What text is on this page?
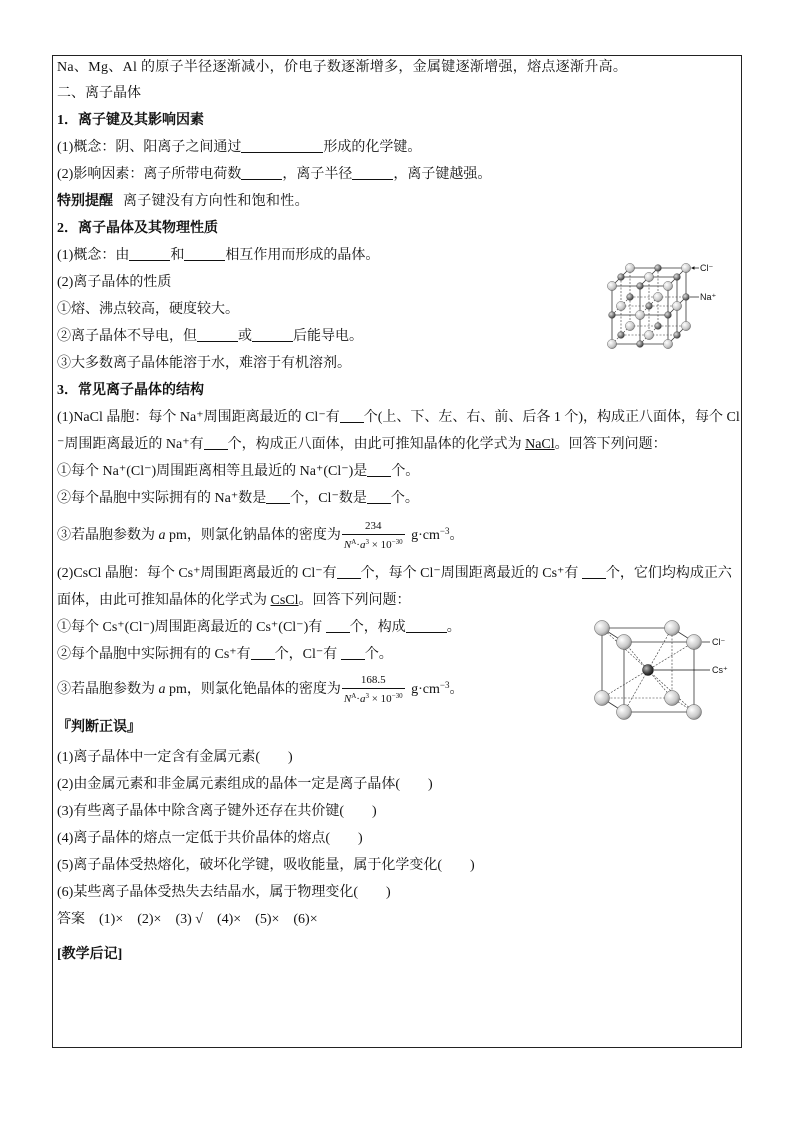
Na、Mg、Al 的原子半径逐渐减小，价电子数逐渐增多，金属键逐渐增强，熔点逐渐升高。
二、离子晶体
1．离子键及其影响因素
(1)概念：阴、阳离子之间通过	形成的化学键。
(2)影响因素：离子所带电荷数	，离子半径	，离子键越强。
特别提醒 离子键没有方向性和饱和性。
2．离子晶体及其物理性质
(1)概念：由	和	相互作用而形成的晶体。
(2)离子晶体的性质
①熔、沸点较高，硬度较大。
②离子晶体不导电，但	或	后能导电。
③大多数离子晶体能溶于水，难溶于有机溶剂。
3．常见离子晶体的结构
(1)NaCl 晶胞：每个 Na⁺周围距离最近的 Cl⁻有 个(上、下、左、右、前、后各 1 个)，构成正八面体，每个 Cl
⁻周围距离最近的 Na⁺有 个，构成正八面体，由此可推知晶体的化学式为 NaCl。回答下列问题：
①每个 Na⁺(Cl⁻)周围距离相等且最近的 Na⁺(Cl⁻)是 个。
②每个晶胞中实际拥有的 Na⁺数是 个，Cl⁻数是 个。
③若晶胞参数为 a pm，则氯化钠晶体的密度为 $\frac{234}{N^A\cdot a^3 \times 10^{-30}} g\cdot cm^{-3}$。
(2)CsCl 晶胞：每个 Cs⁺周围距离最近的 Cl⁻有 个，每个 Cl⁻周围距离最近的 Cs⁺有 个，它们均构成正六
面体，由此可推知晶体的化学式为 CsCl。回答下列问题：
①每个 Cs⁺(Cl⁻)周围距离最近的 Cs⁺(Cl⁻)有 个，构成	。
②每个晶胞中实际拥有的 Cs⁺有 个，Cl⁻有 个。
③若晶胞参数为 a pm，则氯化铯晶体的密度为 $\frac{168.5}{N^A\cdot a^3 \times 10^{-30}} g\cdot cm^{-3}$。
『判断正误』
(1)离子晶体中一定含有金属元素(　　)
(2)由金属元素和非金属元素组成的晶体一定是离子晶体(　　)
(3)有些离子晶体中除含离子键外还存在共价键(　　)
(4)离子晶体的熔点一定低于共价晶体的熔点(　　)
(5)离子晶体受热熔化，破坏化学键，吸收能量，属于化学变化(　　)
(6)某些离子晶体受热失去结晶水，属于物理变化(　　)
答案　(1)×　(2)×　(3) √　(4)×　(5)×　(6)×
[教学后记]
Cl⁻
Na⁺
Cl⁻
Cs⁺
